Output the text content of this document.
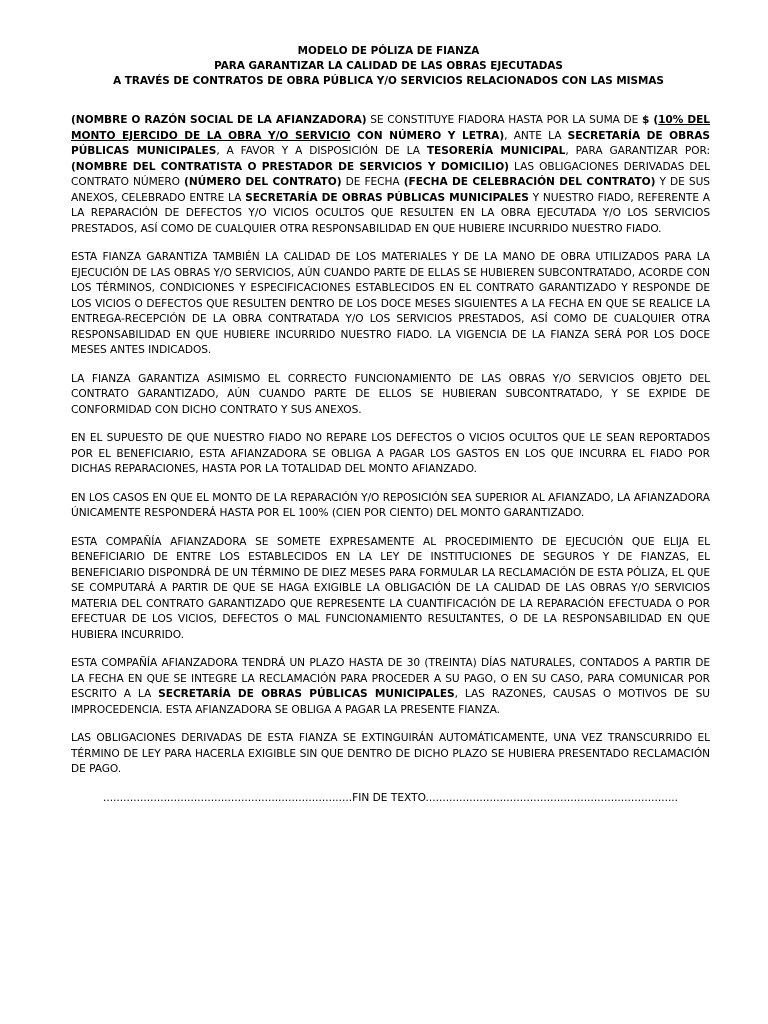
MODELO DE PÓLIZA DE FIANZA
PARA GARANTIZAR LA CALIDAD DE LAS OBRAS EJECUTADAS
A TRAVÉS DE CONTRATOS DE OBRA PÚBLICA Y/O SERVICIOS RELACIONADOS CON LAS MISMAS

(NOMBRE O RAZÓN SOCIAL DE LA AFIANZADORA) SE CONSTITUYE FIADORA HASTA POR LA SUMA DE $ (10% DEL MONTO EJERCIDO DE LA OBRA Y/O SERVICIO CON NÚMERO Y LETRA), ANTE LA SECRETARÍA DE OBRAS PÚBLICAS MUNICIPALES, A FAVOR Y A DISPOSICIÓN DE LA TESORERÍA MUNICIPAL, PARA GARANTIZAR POR: (NOMBRE DEL CONTRATISTA O PRESTADOR DE SERVICIOS Y DOMICILIO) LAS OBLIGACIONES DERIVADAS DEL CONTRATO NÚMERO (NÚMERO DEL CONTRATO) DE FECHA (FECHA DE CELEBRACIÓN DEL CONTRATO) Y DE SUS ANEXOS, CELEBRADO ENTRE LA SECRETARÍA DE OBRAS PÚBLICAS MUNICIPALES Y NUESTRO FIADO, REFERENTE A LA REPARACIÓN DE DEFECTOS Y/O VICIOS OCULTOS QUE RESULTEN EN LA OBRA EJECUTADA Y/O LOS SERVICIOS PRESTADOS, ASÍ COMO DE CUALQUIER OTRA RESPONSABILIDAD EN QUE HUBIERE INCURRIDO NUESTRO FIADO.

ESTA FIANZA GARANTIZA TAMBIÉN LA CALIDAD DE LOS MATERIALES Y DE LA MANO DE OBRA UTILIZADOS PARA LA EJECUCIÓN DE LAS OBRAS Y/O SERVICIOS, AÚN CUANDO PARTE DE ELLAS SE HUBIEREN SUBCONTRATADO, ACORDE CON LOS TÉRMINOS, CONDICIONES Y ESPECIFICACIONES ESTABLECIDOS EN EL CONTRATO GARANTIZADO Y RESPONDE DE LOS VICIOS O DEFECTOS QUE RESULTEN DENTRO DE LOS DOCE MESES SIGUIENTES A LA FECHA EN QUE SE REALICE LA ENTREGA-RECEPCIÓN DE LA OBRA CONTRATADA Y/O LOS SERVICIOS PRESTADOS, ASÍ COMO DE CUALQUIER OTRA RESPONSABILIDAD EN QUE HUBIERE INCURRIDO NUESTRO FIADO. LA VIGENCIA DE LA FIANZA SERÁ POR LOS DOCE MESES ANTES INDICADOS.

LA FIANZA GARANTIZA ASIMISMO EL CORRECTO FUNCIONAMIENTO DE LAS OBRAS Y/O SERVICIOS OBJETO DEL CONTRATO GARANTIZADO, AÚN CUANDO PARTE DE ELLOS SE HUBIERAN SUBCONTRATADO, Y SE EXPIDE DE CONFORMIDAD CON DICHO CONTRATO Y SUS ANEXOS.

EN EL SUPUESTO DE QUE NUESTRO FIADO NO REPARE LOS DEFECTOS O VICIOS OCULTOS QUE LE SEAN REPORTADOS POR EL BENEFICIARIO, ESTA AFIANZADORA SE OBLIGA A PAGAR LOS GASTOS EN LOS QUE INCURRA EL FIADO POR DICHAS REPARACIONES, HASTA POR LA TOTALIDAD DEL MONTO AFIANZADO.

EN LOS CASOS EN QUE EL MONTO DE LA REPARACIÓN Y/O REPOSICIÓN SEA SUPERIOR AL AFIANZADO, LA AFIANZADORA ÚNICAMENTE RESPONDERÁ HASTA POR EL 100% (CIEN POR CIENTO) DEL MONTO GARANTIZADO.

ESTA COMPAÑÍA AFIANZADORA SE SOMETE EXPRESAMENTE AL PROCEDIMIENTO DE EJECUCIÓN QUE ELIJA EL BENEFICIARIO DE ENTRE LOS ESTABLECIDOS EN LA LEY DE INSTITUCIONES DE SEGUROS Y DE FIANZAS, EL BENEFICIARIO DISPONDRÁ DE UN TÉRMINO DE DIEZ MESES PARA FORMULAR LA RECLAMACIÓN DE ESTA PÓLIZA, EL QUE SE COMPUTARÁ A PARTIR DE QUE SE HAGA EXIGIBLE LA OBLIGACIÓN DE LA CALIDAD DE LAS OBRAS Y/O SERVICIOS MATERIA DEL CONTRATO GARANTIZADO QUE REPRESENTE LA CUANTIFICACIÓN DE LA REPARACIÓN EFECTUADA O POR EFECTUAR DE LOS VICIOS, DEFECTOS O MAL FUNCIONAMIENTO RESULTANTES, O DE LA RESPONSABILIDAD EN QUE HUBIERA INCURRIDO.

ESTA COMPAÑÍA AFIANZADORA TENDRÁ UN PLAZO HASTA DE 30 (TREINTA) DÍAS NATURALES, CONTADOS A PARTIR DE LA FECHA EN QUE SE INTEGRE LA RECLAMACIÓN PARA PROCEDER A SU PAGO, O EN SU CASO, PARA COMUNICAR POR ESCRITO A LA SECRETARÍA DE OBRAS PÚBLICAS MUNICIPALES, LAS RAZONES, CAUSAS O MOTIVOS DE SU IMPROCEDENCIA. ESTA AFIANZADORA SE OBLIGA A PAGAR LA PRESENTE FIANZA.

LAS OBLIGACIONES DERIVADAS DE ESTA FIANZA SE EXTINGUIRÁN AUTOMÁTICAMENTE, UNA VEZ TRANSCURRIDO EL TÉRMINO DE LEY PARA HACERLA EXIGIBLE SIN QUE DENTRO DE DICHO PLAZO SE HUBIERA PRESENTADO RECLAMACIÓN DE PAGO.

..........................................................................FIN DE TEXTO...........................................................................
